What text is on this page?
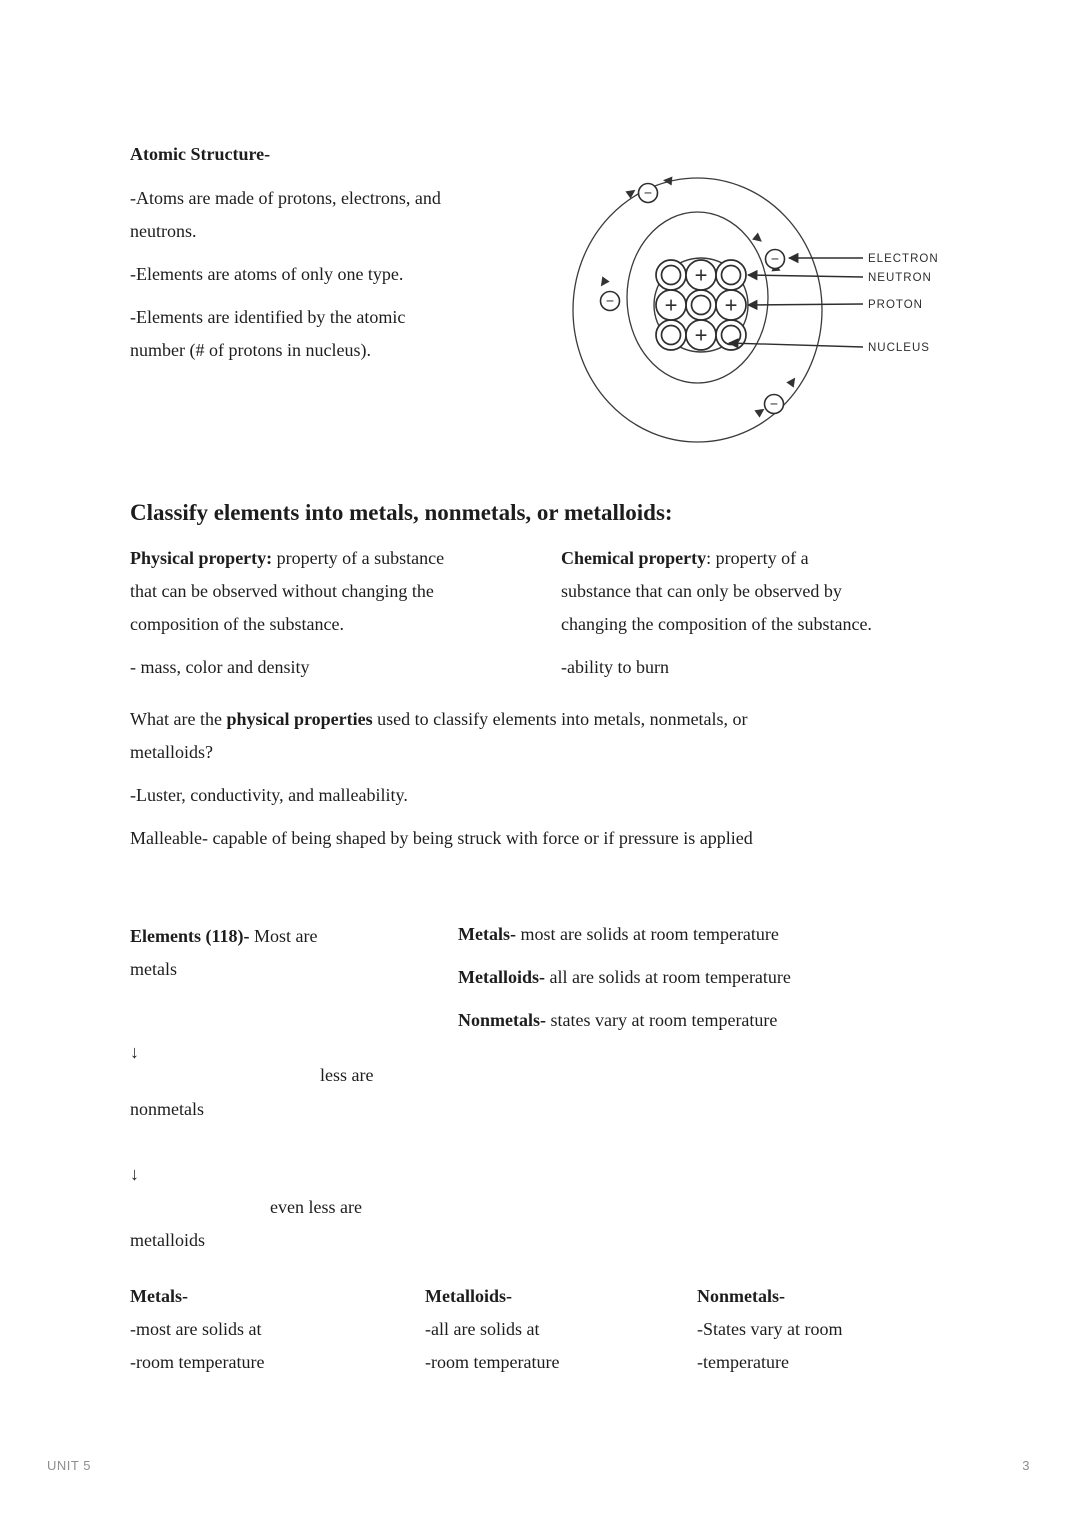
Atomic Structure-
-Atoms are made of protons, electrons, and
neutrons.
-Elements are atoms of only one type.
-Elements are identified by the atomic
number (# of protons in nucleus).
+
+ +
+
−
−
−
−
ELECTRON
NEUTRON
PROTON
NUCLEUS
Classify elements into metals, nonmetals, or metalloids:
Physical property: property of a substance
that can be observed without changing the
composition of the substance.
- mass, color and density
Chemical property: property of a
substance that can only be observed by
changing the composition of the substance.
-ability to burn
What are the physical properties used to classify elements into metals, nonmetals, or
metalloids?
-Luster, conductivity, and malleability.
Malleable- capable of being shaped by being struck with force or if pressure is applied
Elements (118)- Most are
metals
Metals- most are solids at room temperature
Metalloids- all are solids at room temperature
Nonmetals- states vary at room temperature
↓
less are
nonmetals
↓
even less are
metalloids
Metals-
-most are solids at
-room temperature
Metalloids-
-all are solids at
-room temperature
Nonmetals-
-States vary at room
-temperature
UNIT 5	3
